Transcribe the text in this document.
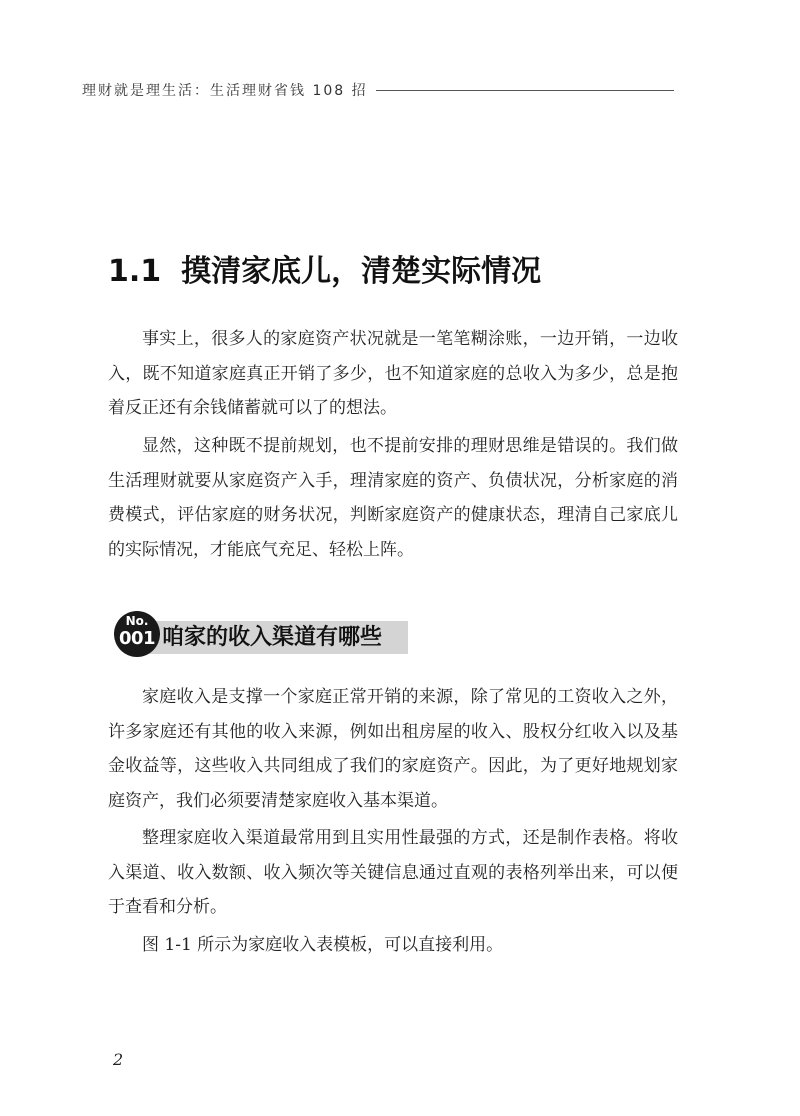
理财就是理生活：生活理财省钱 108 招
1.1 摸清家底儿，清楚实际情况

事实上，很多人的家庭资产状况就是一笔笔糊涂账，一边开销，一边收入，既不知道家庭真正开销了多少，也不知道家庭的总收入为多少，总是抱着反正还有余钱储蓄就可以了的想法。

显然，这种既不提前规划，也不提前安排的理财思维是错误的。我们做生活理财就要从家庭资产入手，理清家庭的资产、负债状况，分析家庭的消费模式，评估家庭的财务状况，判断家庭资产的健康状态，理清自己家底儿的实际情况，才能底气充足、轻松上阵。

No.
001 咱家的收入渠道有哪些

家庭收入是支撑一个家庭正常开销的来源，除了常见的工资收入之外，许多家庭还有其他的收入来源，例如出租房屋的收入、股权分红收入以及基金收益等，这些收入共同组成了我们的家庭资产。因此，为了更好地规划家庭资产，我们必须要清楚家庭收入基本渠道。

整理家庭收入渠道最常用到且实用性最强的方式，还是制作表格。将收入渠道、收入数额、收入频次等关键信息通过直观的表格列举出来，可以便于查看和分析。

图 1-1 所示为家庭收入表模板，可以直接利用。

2
